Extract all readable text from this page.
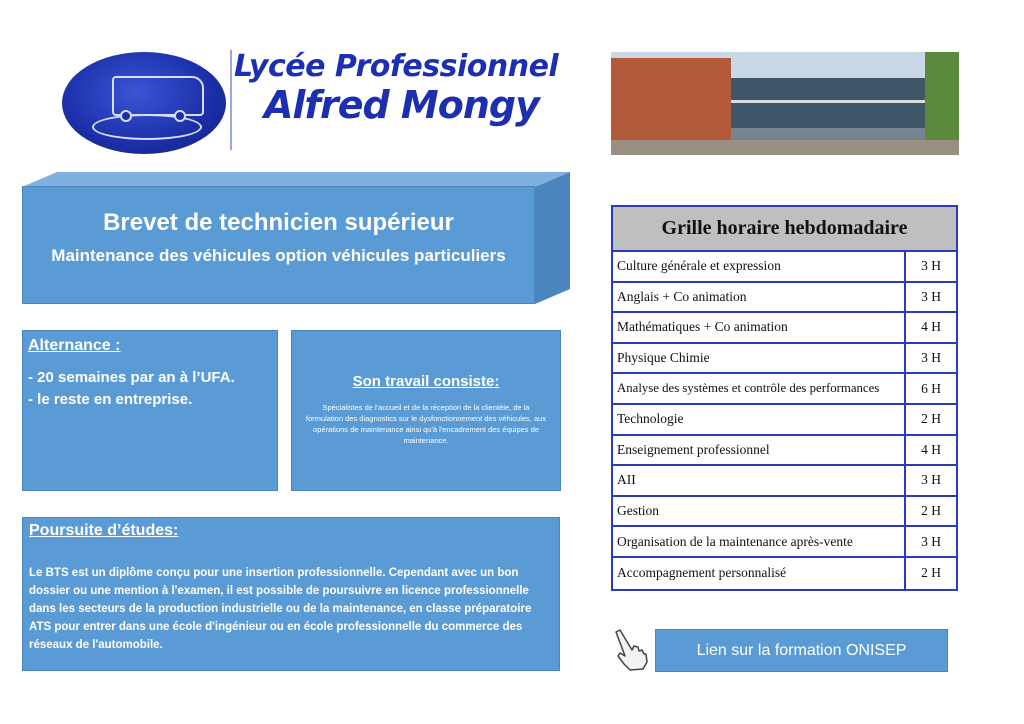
Lycée Professionnel
Alfred Mongy
Brevet de technicien supérieur
Maintenance des véhicules option véhicules particuliers
Alternance :
- 20 semaines par an à l’UFA.
- le reste en entreprise.
Son travail consiste:
Spécialistes de l'accueil et de la réception de la clientèle, de la formulation des diagnostics sur le dysfonctionnement des véhicules, aux opérations de maintenance ainsi qu'à l'encadrement des équipes de maintenance.
Poursuite d’études:
Le BTS est un diplôme conçu pour une insertion professionnelle. Cependant avec un bon dossier ou une mention à l'examen, il est possible de poursuivre en licence professionnelle dans les secteurs de la production industrielle ou de la maintenance, en classe préparatoire ATS pour entrer dans une école d'ingénieur ou en école professionnelle du commerce des réseaux de l'automobile.
Grille horaire hebdomadaire
Culture générale et expression	3 H
Anglais + Co animation	3 H
Mathématiques + Co animation	4 H
Physique Chimie	3 H
Analyse des systèmes et contrôle des performances	6 H
Technologie	2 H
Enseignement professionnel	4 H
AII	3 H
Gestion	2 H
Organisation de la maintenance après-vente	3 H
Accompagnement personnalisé	2 H
Lien sur la formation ONISEP
